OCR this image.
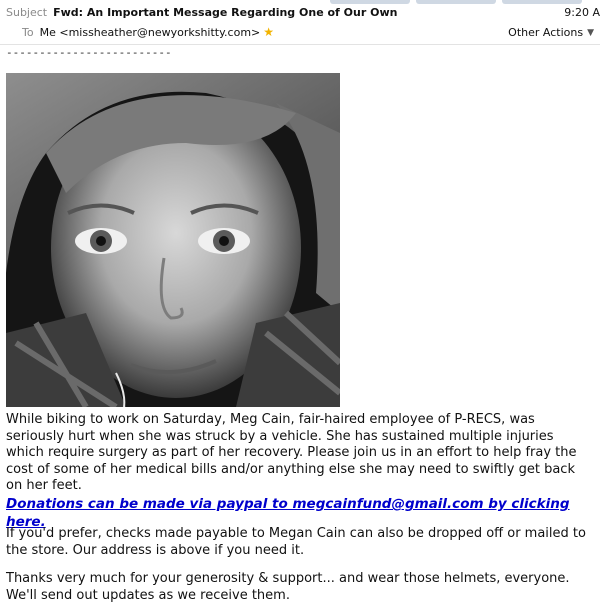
Subject Fwd: An Important Message Regarding One of Our Own	9:20 A
To Me <missheather@newyorkshitty.com> ★	Other Actions ▼
-------------------------
While biking to work on Saturday, Meg Cain, fair-haired employee of P-RECS, was seriously hurt when she was struck by a vehicle. She has sustained multiple injuries which require surgery as part of her recovery. Please join us in an effort to help fray the cost of some of her medical bills and/or anything else she may need to swiftly get back on her feet.
Donations can be made via paypal to megcainfund@gmail.com by clicking here.
If you'd prefer, checks made payable to Megan Cain can also be dropped off or mailed to the store. Our address is above if you need it.
Thanks very much for your generosity & support... and wear those helmets, everyone. We'll send out updates as we receive them.
